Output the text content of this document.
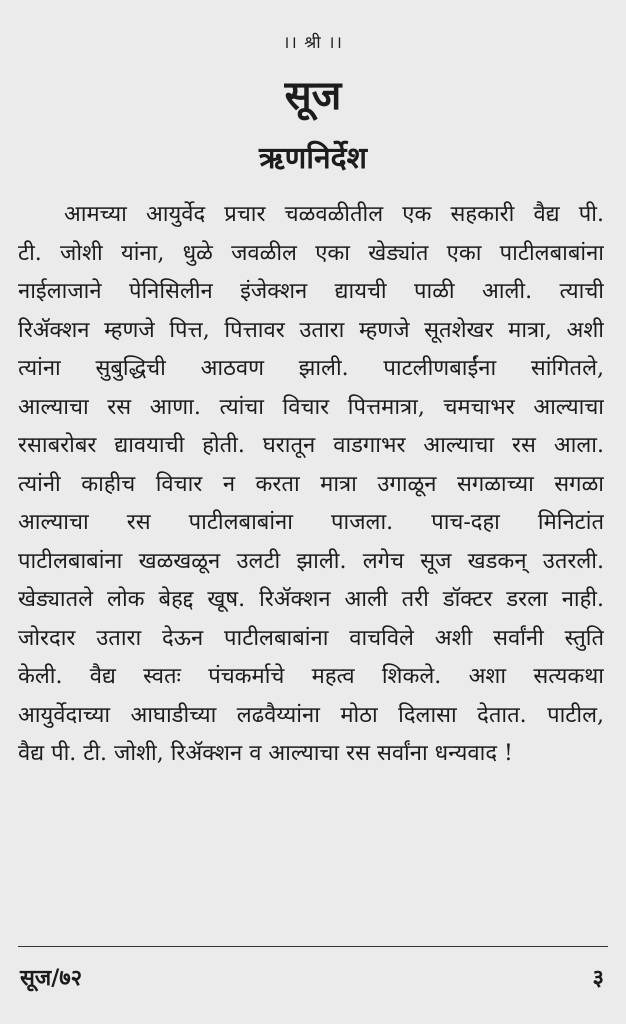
।। श्री ।।
सूज
ऋणनिर्देश
आमच्या आयुर्वेद प्रचार चळवळीतील एक सहकारी वैद्य पी.
टी. जोशी यांना, धुळे जवळील एका खेड्यांत एका पाटीलबाबांना
नाईलाजाने पेनिसिलीन इंजेक्शन द्यायची पाळी आली. त्याची
रिॲक्शन म्हणजे पित्त, पित्तावर उतारा म्हणजे सूतशेखर मात्रा, अशी
त्यांना सुबुद्धिची आठवण झाली. पाटलीणबाईंना सांगितले,
आल्याचा रस आणा. त्यांचा विचार पित्तमात्रा, चमचाभर आल्याचा
रसाबरोबर द्यावयाची होती. घरातून वाडगाभर आल्याचा रस आला.
त्यांनी काहीच विचार न करता मात्रा उगाळून सगळाच्या सगळा
आल्याचा रस पाटीलबाबांना पाजला. पाच-दहा मिनिटांत
पाटीलबाबांना खळखळून उलटी झाली. लगेच सूज खडकन् उतरली.
खेड्यातले लोक बेहद्द खूष. रिॲक्शन आली तरी डॉक्टर डरला नाही.
जोरदार उतारा देऊन पाटीलबाबांना वाचविले अशी सर्वांनी स्तुति
केली. वैद्य स्वतः पंचकर्माचे महत्व शिकले. अशा सत्यकथा
आयुर्वेदाच्या आघाडीच्या लढवैय्यांना मोठा दिलासा देतात. पाटील,
वैद्य पी. टी. जोशी, रिॲक्शन व आल्याचा रस सर्वांना धन्यवाद !
सूज/७२	३
